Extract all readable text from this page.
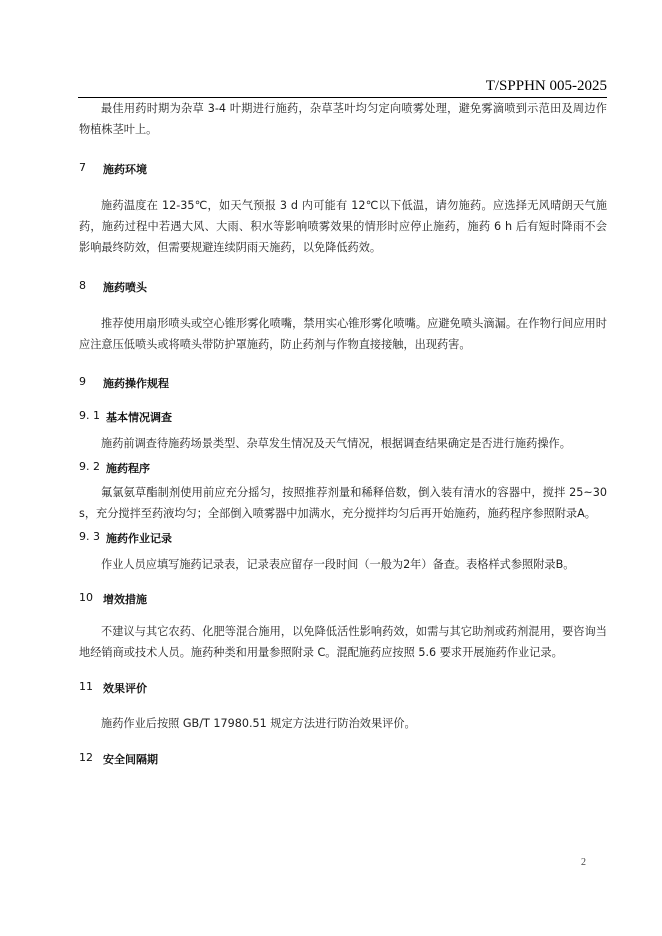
T/SPPHN 005-2025

最佳用药时期为杂草 3-4 叶期进行施药，杂草茎叶均匀定向喷雾处理，避免雾滴喷到示范田及周边作物植株茎叶上。

7	施药环境

施药温度在 12-35℃，如天气预报 3 d 内可能有 12℃以下低温，请勿施药。应选择无风晴朗天气施药，施药过程中若遇大风、大雨、积水等影响喷雾效果的情形时应停止施药，施药 6 h 后有短时降雨不会影响最终防效，但需要规避连续阴雨天施药，以免降低药效。

8	施药喷头

推荐使用扇形喷头或空心锥形雾化喷嘴，禁用实心锥形雾化喷嘴。应避免喷头滴漏。在作物行间应用时应注意压低喷头或将喷头带防护罩施药，防止药剂与作物直接接触，出现药害。

9	施药操作规程
9. 1 基本情况调查

施药前调查待施药场景类型、杂草发生情况及天气情况，根据调查结果确定是否进行施药操作。

9. 2 施药程序

氟氯氨草酯制剂使用前应充分摇匀，按照推荐剂量和稀释倍数，倒入装有清水的容器中，搅拌 25~30 s，充分搅拌至药液均匀；全部倒入喷雾器中加满水，充分搅拌均匀后再开始施药，施药程序参照附录A。

9. 3 施药作业记录

作业人员应填写施药记录表，记录表应留存一段时间（一般为2年）备查。表格样式参照附录B。

10 增效措施

不建议与其它农药、化肥等混合施用，以免降低活性影响药效，如需与其它助剂或药剂混用，要咨询当地经销商或技术人员。施药种类和用量参照附录 C。混配施药应按照 5.6 要求开展施药作业记录。

11 效果评价

施药作业后按照 GB/T 17980.51 规定方法进行防治效果评价。

12 安全间隔期
2
